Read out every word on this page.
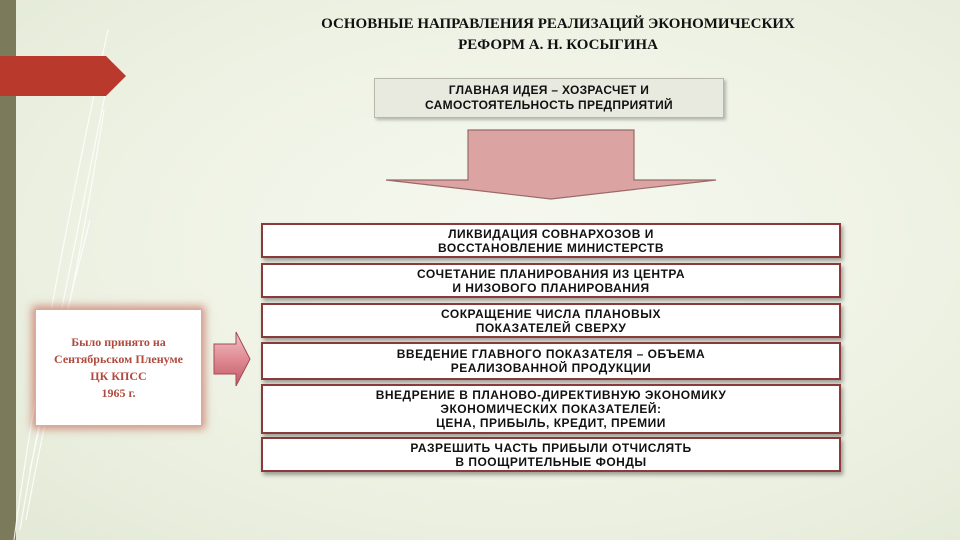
ОСНОВНЫЕ НАПРАВЛЕНИЯ РЕАЛИЗАЦИЙ ЭКОНОМИЧЕСКИХ
РЕФОРМ А. Н. КОСЫГИНА
ГЛАВНАЯ ИДЕЯ – ХОЗРАСЧЕТ И
САМОСТОЯТЕЛЬНОСТЬ ПРЕДПРИЯТИЙ
ЛИКВИДАЦИЯ СОВНАРХОЗОВ И
ВОССТАНОВЛЕНИЕ МИНИСТЕРСТВ
СОЧЕТАНИЕ ПЛАНИРОВАНИЯ ИЗ ЦЕНТРА
И НИЗОВОГО ПЛАНИРОВАНИЯ
СОКРАЩЕНИЕ ЧИСЛА ПЛАНОВЫХ
ПОКАЗАТЕЛЕЙ СВЕРХУ
ВВЕДЕНИЕ ГЛАВНОГО ПОКАЗАТЕЛЯ – ОБЪЕМА
РЕАЛИЗОВАННОЙ ПРОДУКЦИИ
ВНЕДРЕНИЕ В ПЛАНОВО-ДИРЕКТИВНУЮ ЭКОНОМИКУ
ЭКОНОМИЧЕСКИХ ПОКАЗАТЕЛЕЙ:
ЦЕНА, ПРИБЫЛЬ, КРЕДИТ, ПРЕМИИ
РАЗРЕШИТЬ ЧАСТЬ ПРИБЫЛИ ОТЧИСЛЯТЬ
В ПООЩРИТЕЛЬНЫЕ ФОНДЫ
Было принято на
Сентябрьском Пленуме
ЦК КПСС
1965 г.
